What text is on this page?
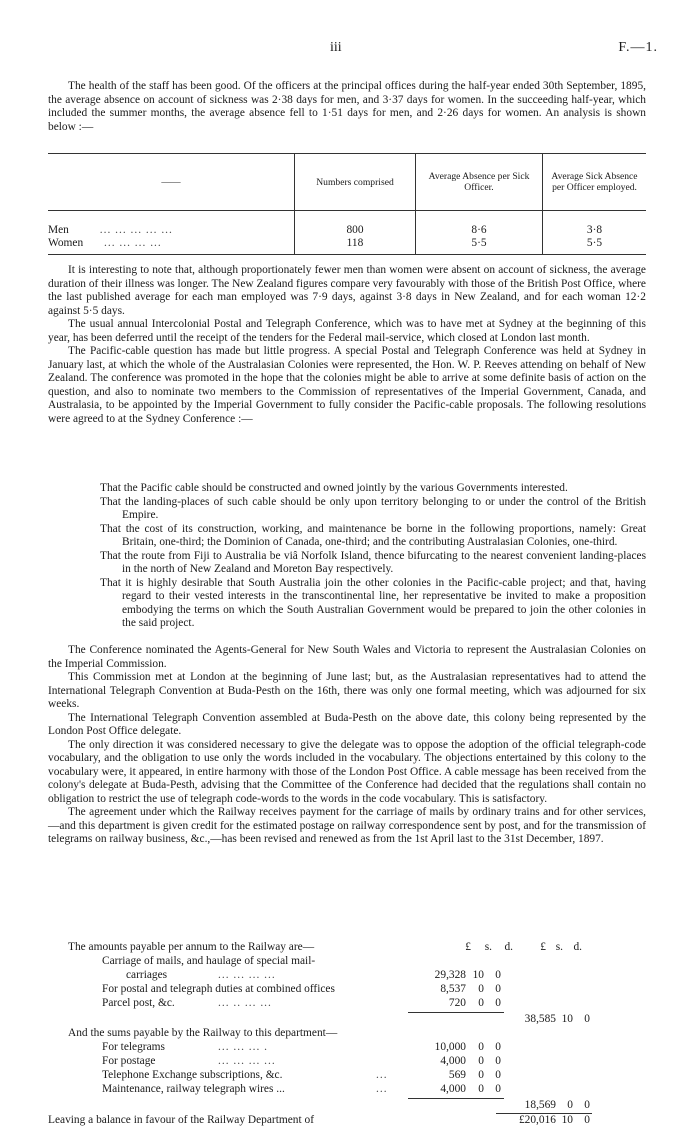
iii	F.—1.
The health of the staff has been good. Of the officers at the principal offices during the half-year ended 30th September, 1895, the average absence on account of sickness was 2·38 days for men, and 3·37 days for women. In the succeeding half-year, which included the summer months, the average absence fell to 1·51 days for men, and 2·26 days for women. An analysis is shown below :—
——	Numbers comprised	Average Absence per Sick Officer.	Average Sick Absence per Officer employed.

Men ... ... ... ... ...	800	8·6	3·8
Women ... ... ... ...	118	5·5	5·5

It is interesting to note that, although proportionately fewer men than women were absent on account of sickness, the average duration of their illness was longer. The New Zealand figures compare very favourably with those of the British Post Office, where the last published average for each man employed was 7·9 days, against 3·8 days in New Zealand, and for each woman 12·2 against 5·5 days.

The usual annual Intercolonial Postal and Telegraph Conference, which was to have met at Sydney at the beginning of this year, has been deferred until the receipt of the tenders for the Federal mail-service, which closed at London last month.

The Pacific-cable question has made but little progress. A special Postal and Telegraph Conference was held at Sydney in January last, at which the whole of the Australasian Colonies were represented, the Hon. W. P. Reeves attending on behalf of New Zealand. The conference was promoted in the hope that the colonies might be able to arrive at some definite basis of action on the question, and also to nominate two members to the Commission of representatives of the Imperial Government, Canada, and Australasia, to be appointed by the Imperial Government to fully consider the Pacific-cable proposals. The following resolutions were agreed to at the Sydney Conference :—

That the Pacific cable should be constructed and owned jointly by the various Governments interested.

That the landing-places of such cable should be only upon territory belonging to or under the control of the British Empire.

That the cost of its construction, working, and maintenance be borne in the following proportions, namely: Great Britain, one-third; the Dominion of Canada, one-third; and the contributing Australasian Colonies, one-third.

That the route from Fiji to Australia be viâ Norfolk Island, thence bifurcating to the nearest convenient landing-places in the north of New Zealand and Moreton Bay respectively.

That it is highly desirable that South Australia join the other colonies in the Pacific-cable project; and that, having regard to their vested interests in the transcontinental line, her representative be invited to make a proposition embodying the terms on which the South Australian Government would be prepared to join the other colonies in the said project.

The Conference nominated the Agents-General for New South Wales and Victoria to represent the Australasian Colonies on the Imperial Commission.

This Commission met at London at the beginning of June last; but, as the Australasian representatives had to attend the International Telegraph Convention at Buda-Pesth on the 16th, there was only one formal meeting, which was adjourned for six weeks.

The International Telegraph Convention assembled at Buda-Pesth on the above date, this colony being represented by the London Post Office delegate.

The only direction it was considered necessary to give the delegate was to oppose the adoption of the official telegraph-code vocabulary, and the obligation to use only the words included in the vocabulary. The objections entertained by this colony to the vocabulary were, it appeared, in entire harmony with those of the London Post Office. A cable message has been received from the colony's delegate at Buda-Pesth, advising that the Committee of the Conference had decided that the regulations shall contain no obligation to restrict the use of telegraph code-words to the words in the code vocabulary. This is satisfactory.

The agreement under which the Railway receives payment for the carriage of mails by ordinary trains and for other services,—and this department is given credit for the estimated postage on railway correspondence sent by post, and for the transmission of telegrams on railway business, &c.,—has been revised and renewed as from the 1st April last to the 31st December, 1897.

The amounts payable per annum to the Railway are—	£	s.	d.	£ s. d.
Carriage of mails, and haulage of special mail-
carriages	... ... ... ...	29,328 10 0
For postal and telegraph duties at combined offices	8,537	0 0
Parcel post, &c.	... .. ... ...	720	0 0
38,585 10 0
And the sums payable by the Railway to this department—
For telegrams	... ... ... .	10,000	0 0
For postage	... ... ... ...	4,000	0 0
Telephone Exchange subscriptions, &c.	...	569	0 0
Maintenance, railway telegraph wires ...	...	4,000	0 0
18,569 0 0
Leaving a balance in favour of the Railway Department of	£20,016 10 0
